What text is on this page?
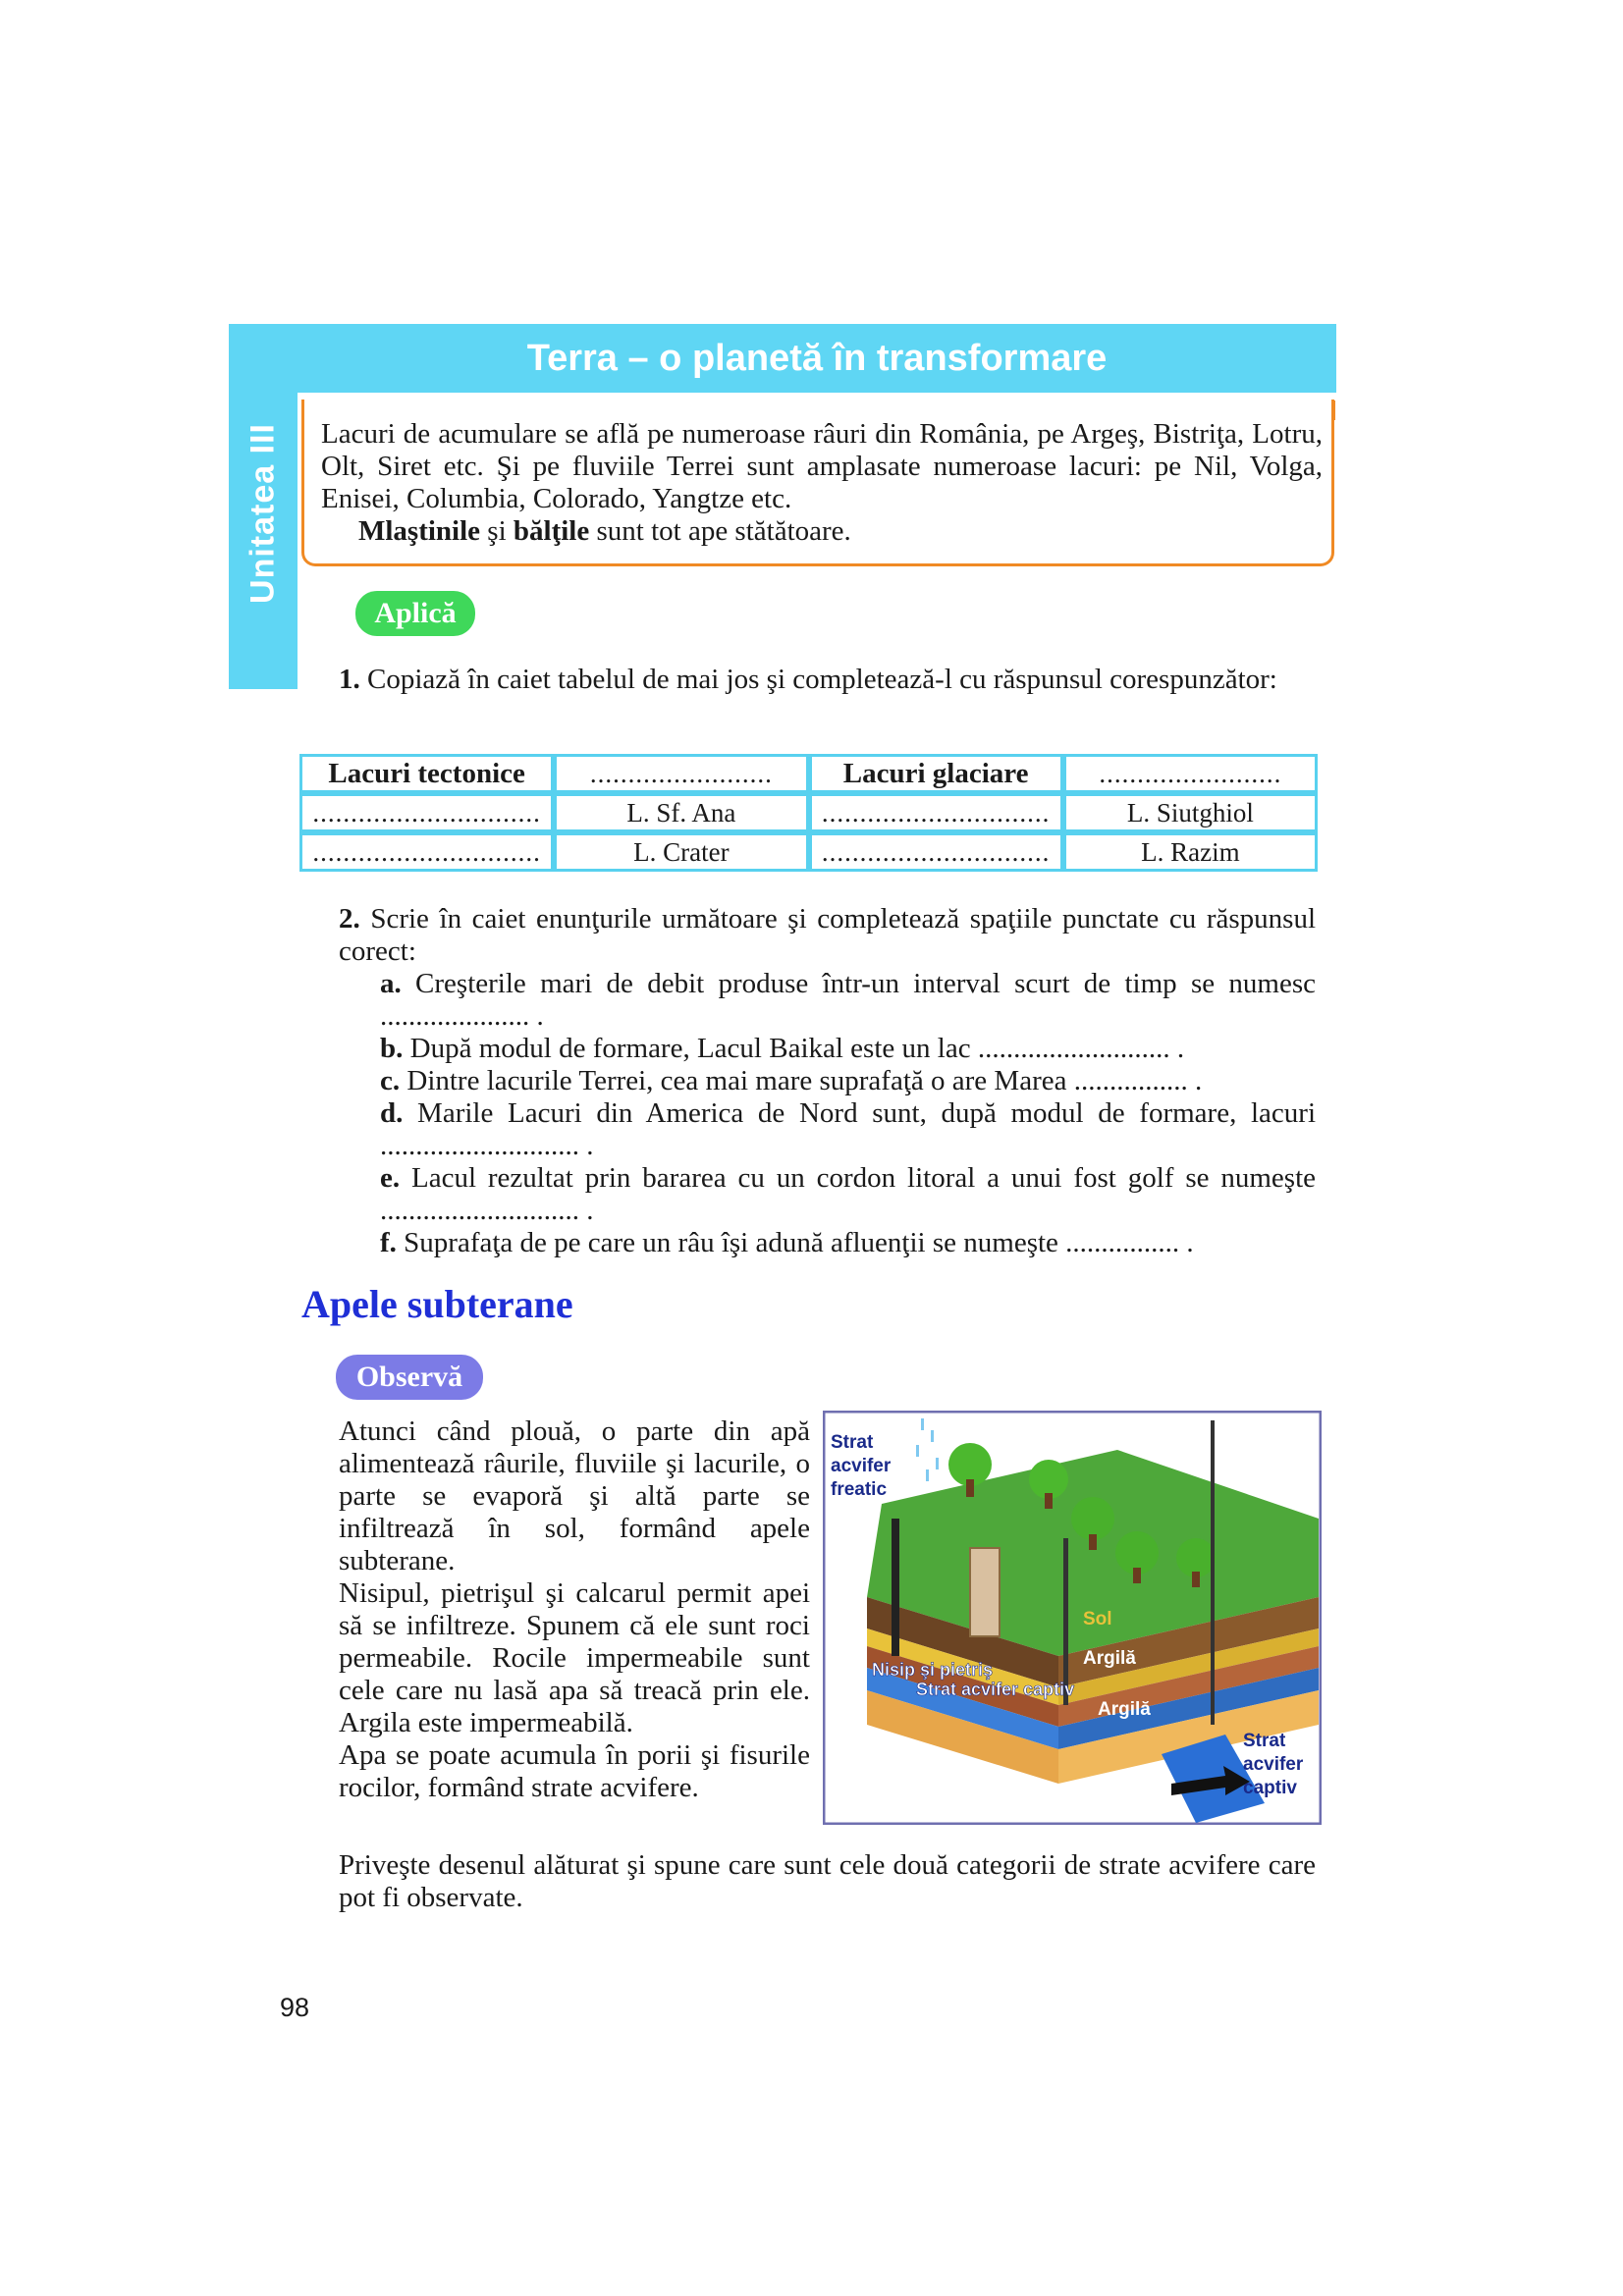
Unitatea III
Terra – o planetă în transformare

Lacuri de acumulare se află pe numeroase râuri din România, pe Argeş, Bistriţa, Lotru, Olt, Siret etc. Şi pe fluviile Terrei sunt amplasate numeroase lacuri: pe Nil, Volga, Enisei, Columbia, Colorado, Yangtze etc.

Mlaştinile şi bălţile sunt tot ape stătătoare.

Aplică
1. Copiază în caiet tabelul de mai jos şi completează-l cu răspunsul corespunzător:
Lacuri tectonice	........................	Lacuri glaciare	........................
..............................	L. Sf. Ana	..............................	L. Siutghiol
..............................	L. Crater	..............................	L. Razim

2. Scrie în caiet enunţurile următoare şi completează spaţiile punctate cu răspunsul corect:

a. Creşterile mari de debit produse într-un interval scurt de timp se numesc ..................... .

b. După modul de formare, Lacul Baikal este un lac ........................... .

c. Dintre lacurile Terrei, cea mai mare suprafaţă o are Marea ................ .

d. Marile Lacuri din America de Nord sunt, după modul de formare, lacuri ............................ .

e. Lacul rezultat prin bararea cu un cordon litoral a unui fost golf se numeşte ............................ .

f. Suprafaţa de pe care un râu îşi adună afluenţii se numeşte ................ .

Apele subterane
Observă

Atunci când plouă, o parte din apă alimentează râurile, fluviile şi lacurile, o parte se evaporă şi altă parte se infiltrează în sol, formând apele subterane.

Nisipul, pietrişul şi calcarul permit apei să se infiltreze. Spunem că ele sunt roci permeabile. Rocile impermeabile sunt cele care nu lasă apa să treacă prin ele. Argila este impermeabilă.

Apa se poate acumula în porii şi fisurile rocilor, formând strate acvifere.

Priveşte desenul alăturat şi spune care sunt cele două categorii de strate acvifere care pot fi observate.

Strat
acvifer
freatic
Sol
Argilă
Nisip şi pietriş
Strat acvifer captiv
Argilă
Strat
acvifer
captiv
98
